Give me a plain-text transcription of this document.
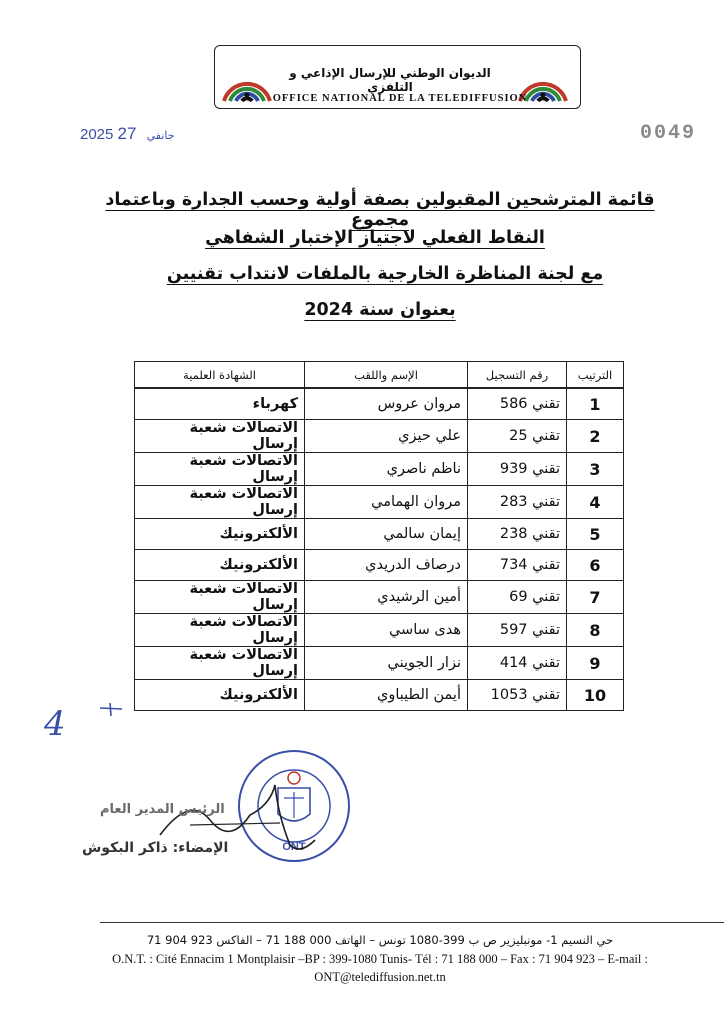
الديوان الوطني للإرسال الإذاعي و التلفزي
OFFICE NATIONAL DE LA TELEDIFFUSION
2025	جانفي 27	0049
قائمة المترشحين المقبولين بصفة أولية وحسب الجدارة وباعتماد مجموع
النقاط الفعلي لاجتياز الإختبار الشفاهي
مع لجنة المناظرة الخارجية بالملفات لانتداب تقنيين
بعنوان سنة 2024
الترتيب	رقم التسجيل	الإسم واللقب	الشهادة العلمية
1	تقني 586	مروان عروس	كهرباء
2	تقني 25	علي حيزي	الاتصالات شعبة إرسال
3	تقني 939	ناظم ناصري	الاتصالات شعبة إرسال
4	تقني 283	مروان الهمامي	الاتصالات شعبة إرسال
5	تقني 238	إيمان سالمي	الألكترونيك
6	تقني 734	درصاف الدريدي	الألكترونيك
7	تقني 69	أمين الرشيدي	الاتصالات شعبة إرسال
8	تقني 597	هدى ساسي	الاتصالات شعبة إرسال
9	تقني 414	نزار الجويني	الاتصالات شعبة إرسال
10	تقني 1053	أيمن الطيباوي	الألكترونيك
4
ONT
الرئيس المدير العام
الإمضاء: ذاكر البكوش
حي النسيم 1- مونبليزير ص ب 399-1080 تونس – الهاتف 000 188 71 – الفاكس 923 904 71
O.N.T. : Cité Ennacim 1 Montplaisir –BP : 399-1080 Tunis- Tél : 71 188 000 – Fax : 71 904 923 – E-mail :
ONT@telediffusion.net.tn
